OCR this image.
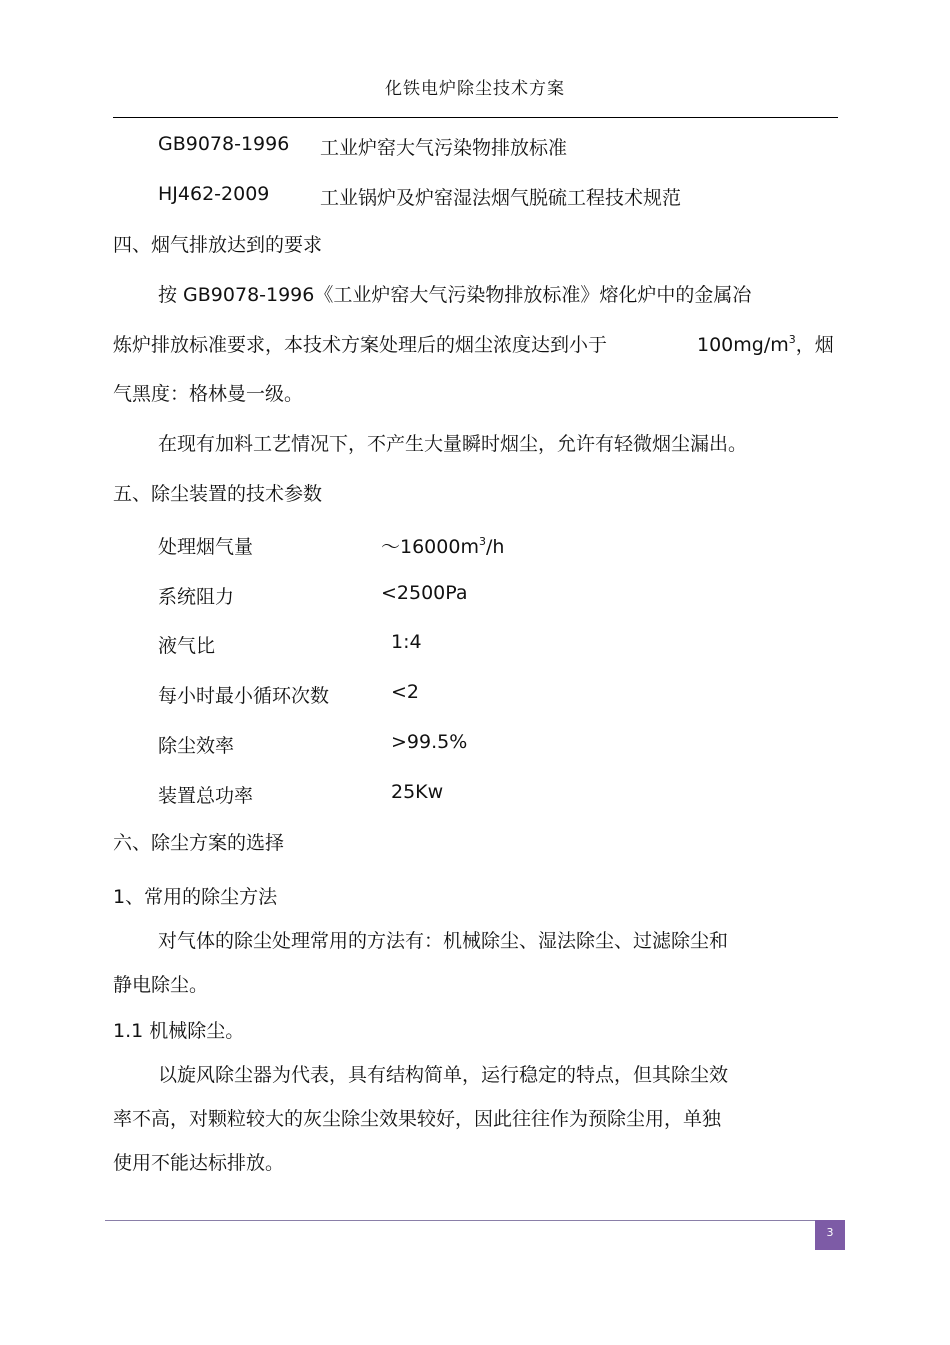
化铁电炉除尘技术方案
GB9078-1996 工业炉窑大气污染物排放标准
HJ462-2009	工业锅炉及炉窑湿法烟气脱硫工程技术规范
四、烟气排放达到的要求
按 GB9078-1996《工业炉窑大气污染物排放标准》熔化炉中的金属冶
炼炉排放标准要求，本技术方案处理后的烟尘浓度达到小于	$100mg/m^3$，烟
气黑度：格林曼一级。
在现有加料工艺情况下，不产生大量瞬时烟尘，允许有轻微烟尘漏出。
五、除尘装置的技术参数
处理烟气量	$\sim 16000m^3/h$
系统阻力	<2500Pa
液气比	1:4
每小时最小循环次数	<2
除尘效率	>99.5%
装置总功率	25Kw
六、除尘方案的选择
1、常用的除尘方法
对气体的除尘处理常用的方法有：机械除尘、湿法除尘、过滤除尘和
静电除尘。
1.1 机械除尘。
以旋风除尘器为代表，具有结构简单，运行稳定的特点，但其除尘效
率不高，对颗粒较大的灰尘除尘效果较好，因此往往作为预除尘用，单独
使用不能达标排放。
3
